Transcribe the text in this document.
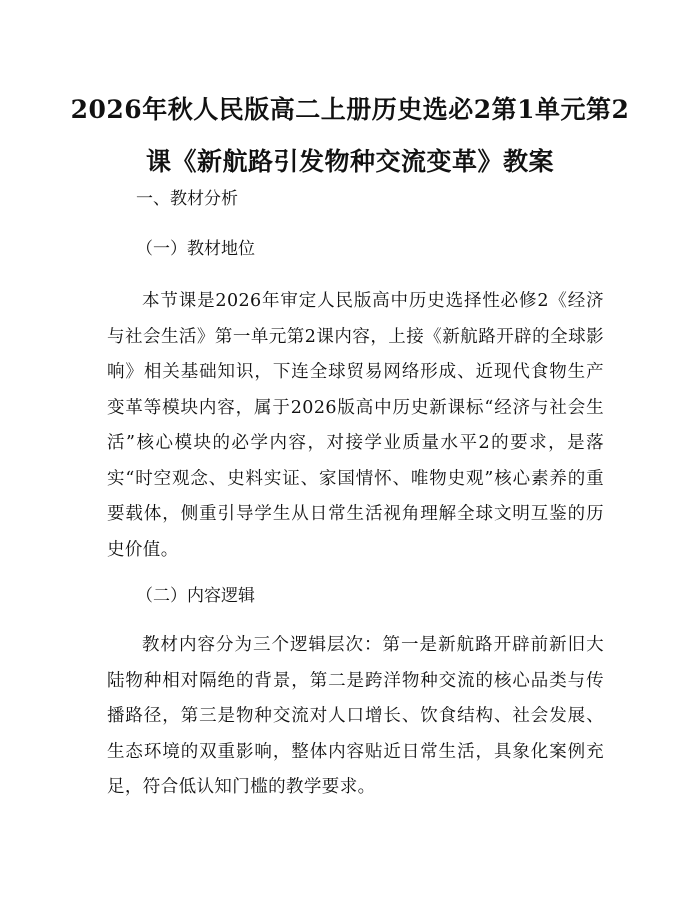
2026年秋人民版高二上册历史选必2第1单元第2课《新航路引发物种交流变革》教案

一、教材分析

（一）教材地位

本节课是2026年审定人民版高中历史选择性必修2《经济与社会生活》第一单元第2课内容，上接《新航路开辟的全球影响》相关基础知识，下连全球贸易网络形成、近现代食物生产变革等模块内容，属于2026版高中历史新课标“经济与社会生活”核心模块的必学内容，对接学业质量水平2的要求，是落实“时空观念、史料实证、家国情怀、唯物史观”核心素养的重要载体，侧重引导学生从日常生活视角理解全球文明互鉴的历史价值。

（二）内容逻辑

教材内容分为三个逻辑层次：第一是新航路开辟前新旧大陆物种相对隔绝的背景，第二是跨洋物种交流的核心品类与传播路径，第三是物种交流对人口增长、饮食结构、社会发展、生态环境的双重影响，整体内容贴近日常生活，具象化案例充足，符合低认知门槛的教学要求。
